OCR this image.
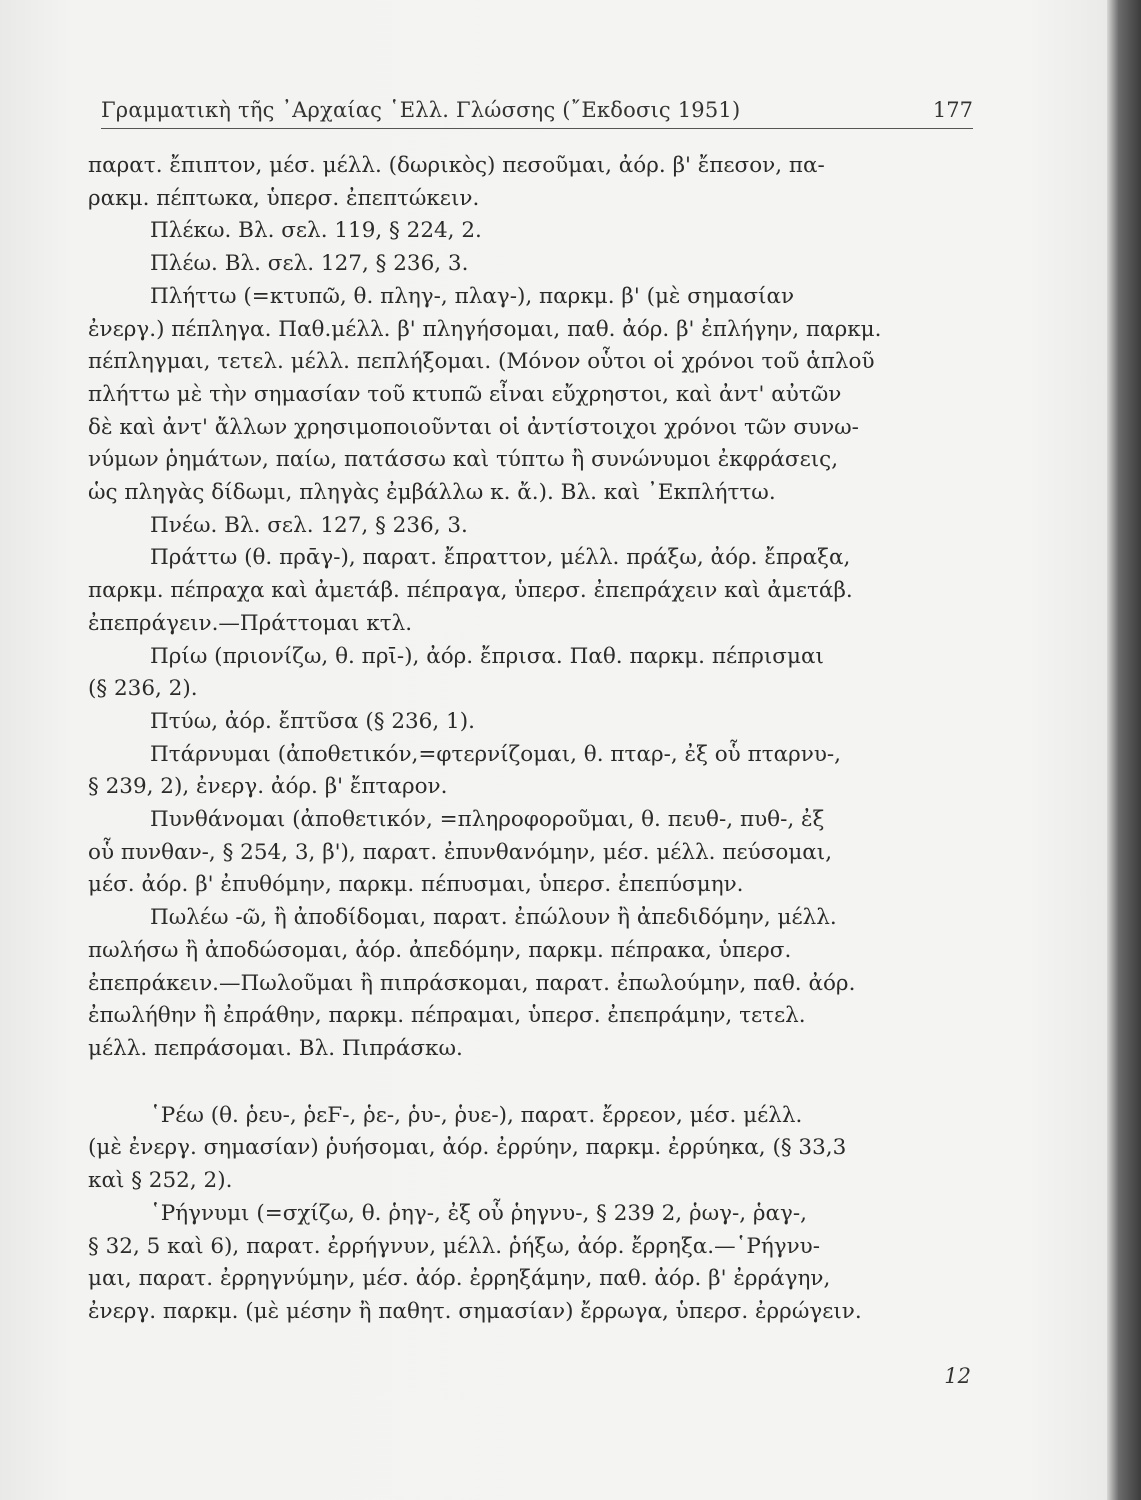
Γραμματικὴ τῆς ᾿Αρχαίας ῾Ελλ. Γλώσσης (῎Εκδοσις 1951)	177

παρατ. ἔπιπτον, μέσ. μέλλ. (δωρικὸς) πεσοῦμαι, ἀόρ. β' ἔπεσον, πα-
ρακμ. πέπτωκα, ὑπερσ. ἐπεπτώκειν.

Πλέκω. Βλ. σελ. 119, § 224, 2.

Πλέω. Βλ. σελ. 127, § 236, 3.

Πλήττω (=κτυπῶ, θ. πληγ-, πλαγ-), παρκμ. β' (μὲ σημασίαν
ἐνεργ.) πέπληγα. Παθ.μέλλ. β' πληγήσομαι, παθ. ἀόρ. β' ἐπλήγην, παρκμ.
πέπληγμαι, τετελ. μέλλ. πεπλήξομαι. (Μόνον οὗτοι οἱ χρόνοι τοῦ ἁπλοῦ
πλήττω μὲ τὴν σημασίαν τοῦ κτυπῶ εἶναι εὔχρηστοι, καὶ ἀντ' αὐτῶν
δὲ καὶ ἀντ' ἄλλων χρησιμοποιοῦνται οἱ ἀντίστοιχοι χρόνοι τῶν συνω-
νύμων ῥημάτων, παίω, πατάσσω καὶ τύπτω ἢ συνώνυμοι ἐκφράσεις,
ὡς πληγὰς δίδωμι, πληγὰς ἐμβάλλω κ. ἄ.). Βλ. καὶ ᾿Εκπλήττω.

Πνέω. Βλ. σελ. 127, § 236, 3.

Πράττω (θ. πρᾱγ-), παρατ. ἔπραττον, μέλλ. πράξω, ἀόρ. ἔπραξα,
παρκμ. πέπραχα καὶ ἀμετάβ. πέπραγα, ὑπερσ. ἐπεπράχειν καὶ ἀμετάβ.
ἐπεπράγειν.—Πράττομαι κτλ.

Πρίω (πριονίζω, θ. πρῑ-), ἀόρ. ἔπρισα. Παθ. παρκμ. πέπρισμαι
(§ 236, 2).

Πτύω, ἀόρ. ἔπτῦσα (§ 236, 1).

Πτάρνυμαι (ἀποθετικόν,=φτερνίζομαι, θ. πταρ-, ἐξ οὗ πταρνυ-,
§ 239, 2), ἐνεργ. ἀόρ. β' ἔπταρον.

Πυνθάνομαι (ἀποθετικόν, =πληροφοροῦμαι, θ. πευθ-, πυθ-, ἐξ
οὗ πυνθαν-, § 254, 3, β'), παρατ. ἐπυνθανόμην, μέσ. μέλλ. πεύσομαι,
μέσ. ἀόρ. β' ἐπυθόμην, παρκμ. πέπυσμαι, ὑπερσ. ἐπεπύσμην.

Πωλέω -ῶ, ἢ ἀποδίδομαι, παρατ. ἐπώλουν ἢ ἀπεδιδόμην, μέλλ.
πωλήσω ἢ ἀποδώσομαι, ἀόρ. ἀπεδόμην, παρκμ. πέπρακα, ὑπερσ.
ἐπεπράκειν.—Πωλοῦμαι ἢ πιπράσκομαι, παρατ. ἐπωλούμην, παθ. ἀόρ.
ἐπωλήθην ἢ ἐπράθην, παρκμ. πέπραμαι, ὑπερσ. ἐπεπράμην, τετελ.
μέλλ. πεπράσομαι. Βλ. Πιπράσκω.

῾Ρέω (θ. ῥευ-, ῥεϜ-, ῥε-, ῥυ-, ῥυε-), παρατ. ἔρρεον, μέσ. μέλλ.
(μὲ ἐνεργ. σημασίαν) ῥυήσομαι, ἀόρ. ἐρρύην, παρκμ. ἐρρύηκα, (§ 33,3
καὶ § 252, 2).

῾Ρήγνυμι (=σχίζω, θ. ῥηγ-, ἐξ οὗ ῥηγνυ-, § 239 2, ῥωγ-, ῥαγ-,
§ 32, 5 καὶ 6), παρατ. ἐρρήγνυν, μέλλ. ῥήξω, ἀόρ. ἔρρηξα.—῾Ρήγνυ-
μαι, παρατ. ἐρρηγνύμην, μέσ. ἀόρ. ἐρρηξάμην, παθ. ἀόρ. β' ἐρράγην,
ἐνεργ. παρκμ. (μὲ μέσην ἢ παθητ. σημασίαν) ἔρρωγα, ὑπερσ. ἐρρώγειν.

12
